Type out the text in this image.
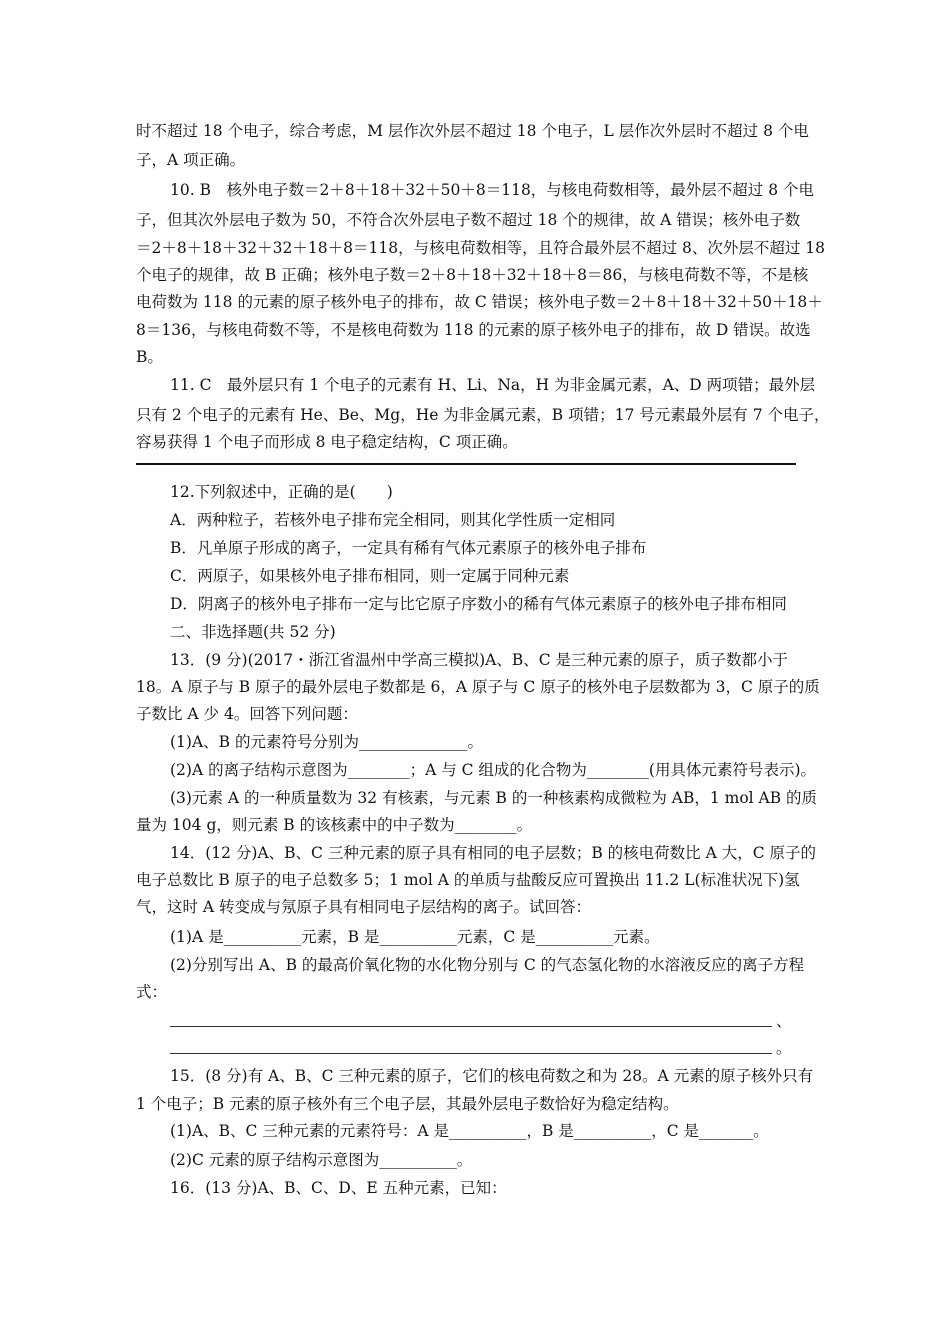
时不超过 18 个电子，综合考虑，M 层作次外层不超过 18 个电子，L 层作次外层时不超过 8 个电
子，A 项正确。
10. B　核外电子数＝2＋8＋18＋32＋50＋8＝118，与核电荷数相等，最外层不超过 8 个电
子，但其次外层电子数为 50，不符合次外层电子数不超过 18 个的规律，故 A 错误；核外电子数
＝2＋8＋18＋32＋32＋18＋8＝118，与核电荷数相等，且符合最外层不超过 8、次外层不超过 18
个电子的规律，故 B 正确；核外电子数＝2＋8＋18＋32＋18＋8＝86，与核电荷数不等，不是核
电荷数为 118 的元素的原子核外电子的排布，故 C 错误；核外电子数＝2＋8＋18＋32＋50＋18＋
8＝136，与核电荷数不等，不是核电荷数为 118 的元素的原子核外电子的排布，故 D 错误。故选
B。
11. C　最外层只有 1 个电子的元素有 H、Li、Na，H 为非金属元素，A、D 两项错；最外层
只有 2 个电子的元素有 He、Be、Mg，He 为非金属元素，B 项错；17 号元素最外层有 7 个电子，
容易获得 1 个电子而形成 8 电子稳定结构，C 项正确。
12.下列叙述中，正确的是(　　)
A．两种粒子，若核外电子排布完全相同，则其化学性质一定相同
B．凡单原子形成的离子，一定具有稀有气体元素原子的核外电子排布
C．两原子，如果核外电子排布相同，则一定属于同种元素
D．阴离子的核外电子排布一定与比它原子序数小的稀有气体元素原子的核外电子排布相同
二、非选择题(共 52 分)
13．(9 分)(2017・浙江省温州中学高三模拟)A、B、C 是三种元素的原子，质子数都小于
18。A 原子与 B 原子的最外层电子数都是 6，A 原子与 C 原子的核外电子层数都为 3，C 原子的质
子数比 A 少 4。回答下列问题：
(1)A、B 的元素符号分别为______________。
(2)A 的离子结构示意图为________；A 与 C 组成的化合物为________(用具体元素符号表示)。
(3)元素 A 的一种质量数为 32 有核素，与元素 B 的一种核素构成微粒为 AB，1 mol AB 的质
量为 104 g，则元素 B 的该核素中的中子数为________。
14．(12 分)A、B、C 三种元素的原子具有相同的电子层数；B 的核电荷数比 A 大，C 原子的
电子总数比 B 原子的电子总数多 5；1 mol A 的单质与盐酸反应可置换出 11.2 L(标准状况下)氢
气，这时 A 转变成与氖原子具有相同电子层结构的离子。试回答：
(1)A 是__________元素，B 是__________元素，C 是__________元素。
(2)分别写出 A、B 的最高价氧化物的水化物分别与 C 的气态氢化物的水溶液反应的离子方程
式：
、
。
15．(8 分)有 A、B、C 三种元素的原子，它们的核电荷数之和为 28。A 元素的原子核外只有
1 个电子；B 元素的原子核外有三个电子层，其最外层电子数恰好为稳定结构。
(1)A、B、C 三种元素的元素符号：A 是__________，B 是__________，C 是_______。
(2)C 元素的原子结构示意图为__________。
16．(13 分)A、B、C、D、E 五种元素，已知：
